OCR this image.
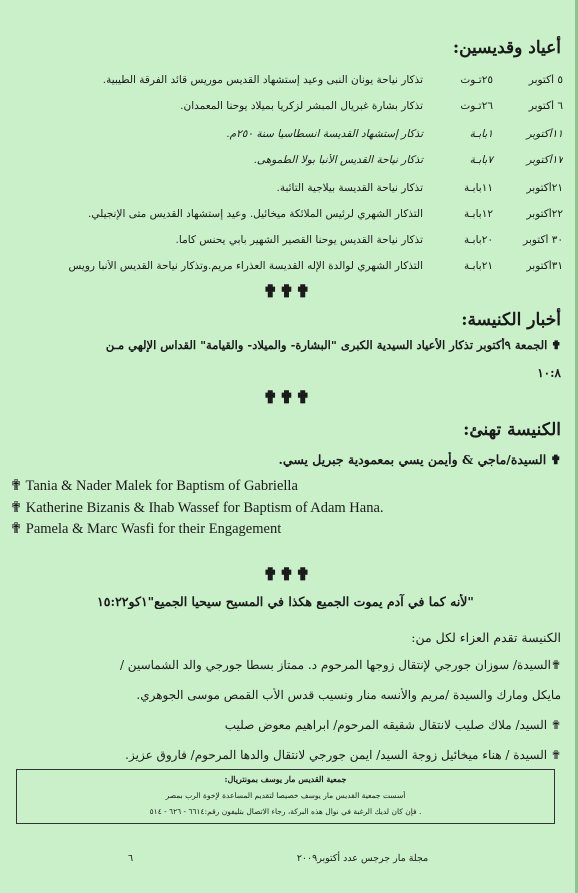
أعياد وقديسين:
٥ أكتوبر
٢٥تـوت
تذكار نياحة يونان النبى وعيد إستشهاد القديس موريس قائد الفرقة الطيبية.
٦ أكتوبر
٢٦تـوت
تذكار بشارة غبريال المبشر لزكريا بميلاد يوحنا المعمدان.
١١أكتوبر
١بابـة
تذكار إستشهاد القديسة انسطاسيا سنة ٢٥٠م.
١٧أكتوبر
٧بابـة
تذكار نياحة القديس الأنبا بولا الطموهى.
٢١أكتوبر
١١بابـة
تذكار نياحة القديسة بيلاجية التائبة.
٢٢أكتوبر
١٢بابـة
التذكار الشهري لرئيس الملائكة ميخائيل. وعيد إستشهاد القديس متى الإنجيلي.
٣٠ أكتوبر
٢٠بابـة
تذكار نياحة القديس يوحنا القصير الشهير بأبي يحنس كاما.
٣١أكتوبر
٢١بابـة
التذكار الشهري لوالدة الإله القديسة العذراء مريم.وتذكار نياحة القديس الأنبا رويس
✟✟✟
أخبار الكنيسة:
✟ الجمعة ٩أكتوبر تذكار الأعياد السيدية الكبرى "البشارة- والميلاد- والقيامة" القداس الإلهي مـن
١٠:٨
✟✟✟
الكنيسة تهنئ:
✟ السيدة/ماجي & وأيمن يسي بمعمودية جبريل يسي.
✟ Tania & Nader Malek for Baptism of Gabriella
✟ Katherine Bizanis & Ihab Wassef for Baptism of Adam Hana.
✟ Pamela & Marc Wasfi for their Engagement
✟✟✟
"لأنه كما في آدم يموت الجميع هكذا في المسيح سيحيا الجميع"١كو١٥:٢٢
الكنيسة تقدم العزاء لكل من:
✟السيدة/ سوزان جورجي لإنتقال زوجها المرحوم د. ممتاز بسطا جورجي والد الشماسين /
مايكل ومارك والسيدة /مريم والأنسه منار ونسيب قدس الأب القمص موسى الجوهري.
✟ السيد/ ملاك صليب لانتقال شقيقه المرحوم/ ابراهيم معوض صليب
✟ السيدة / هناء ميخائيل زوجة السيد/ ايمن جورجي لانتقال والدها المرحوم/ فاروق عزيز.
جمعية القديس مار يوسف بمونتريال:
أسست جمعية القديس مار يوسف خصيصا لتقديم المساعدة لإخوة الرب بمصر
. فإن كان لديك الرغبة في نوال هذه البركة، رجاء الاتصال بتليفون رقم:٦٦١٤ - ٦٢٦ - ٥١٤
٦	مجلة مار جرجس عدد أكتوبر٢٠٠٩
